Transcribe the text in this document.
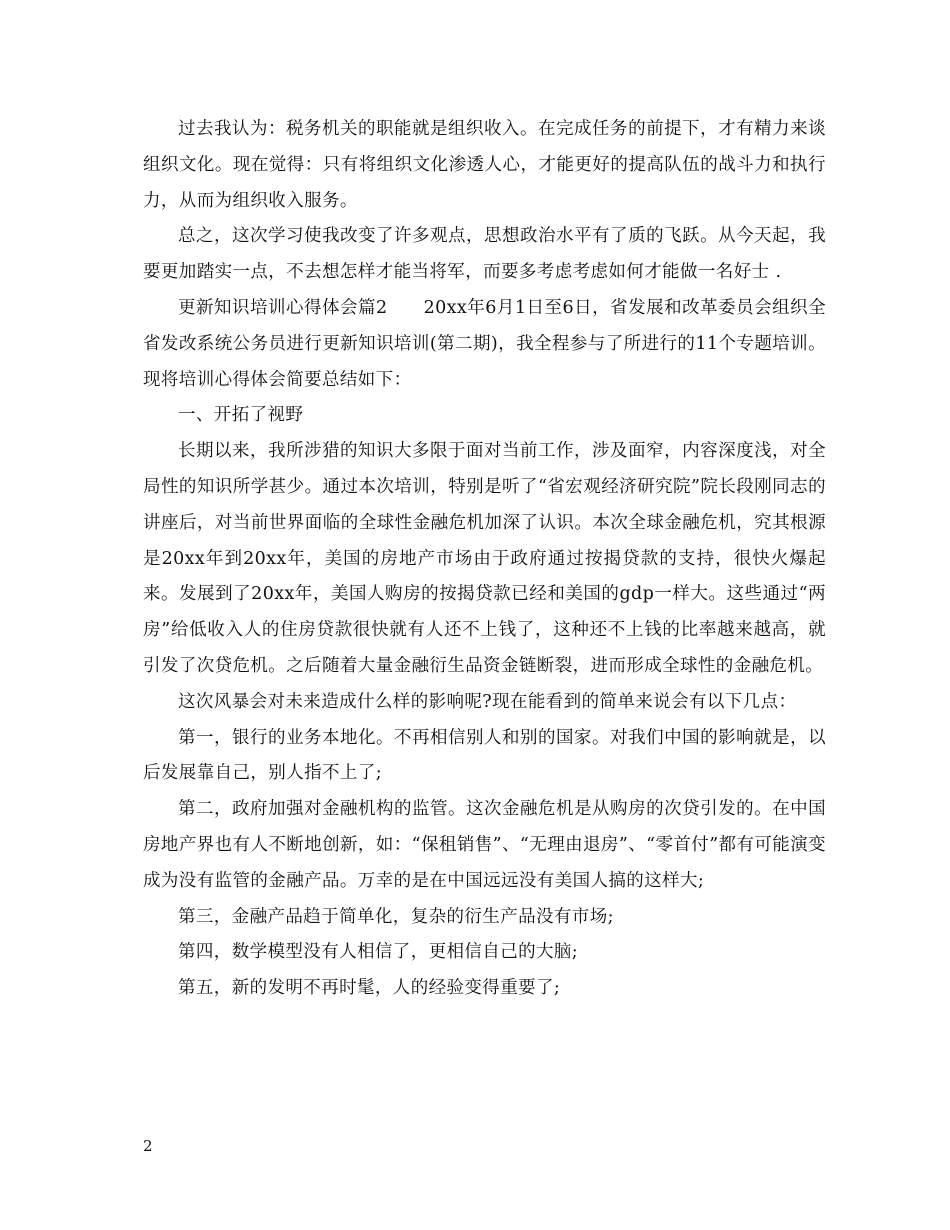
过去我认为：税务机关的职能就是组织收入。在完成任务的前提下，才有精力来谈组织文化。现在觉得：只有将组织文化渗透人心，才能更好的提高队伍的战斗力和执行力，从而为组织收入服务。

总之，这次学习使我改变了许多观点，思想政治水平有了质的飞跃。从今天起，我要更加踏实一点，不去想怎样才能当将军，而要多考虑考虑如何才能做一名好士 .

更新知识培训心得体会篇2　　20xx年6月1日至6日，省发展和改革委员会组织全省发改系统公务员进行更新知识培训(第二期)，我全程参与了所进行的11个专题培训。现将培训心得体会简要总结如下：

一、开拓了视野

长期以来，我所涉猎的知识大多限于面对当前工作，涉及面窄，内容深度浅，对全局性的知识所学甚少。通过本次培训，特别是听了“省宏观经济研究院”院长段刚同志的讲座后，对当前世界面临的全球性金融危机加深了认识。本次全球金融危机，究其根源是20xx年到20xx年，美国的房地产市场由于政府通过按揭贷款的支持，很快火爆起来。发展到了20xx年，美国人购房的按揭贷款已经和美国的gdp一样大。这些通过“两房”给低收入人的住房贷款很快就有人还不上钱了，这种还不上钱的比率越来越高，就引发了次贷危机。之后随着大量金融衍生品资金链断裂，进而形成全球性的金融危机。

这次风暴会对未来造成什么样的影响呢?现在能看到的简单来说会有以下几点：

第一，银行的业务本地化。不再相信别人和别的国家。对我们中国的影响就是，以后发展靠自己，别人指不上了;

第二，政府加强对金融机构的监管。这次金融危机是从购房的次贷引发的。在中国房地产界也有人不断地创新，如：“保租销售”、“无理由退房”、“零首付”都有可能演变成为没有监管的金融产品。万幸的是在中国远远没有美国人搞的这样大;

第三，金融产品趋于简单化，复杂的衍生产品没有市场;

第四，数学模型没有人相信了，更相信自己的大脑;

第五，新的发明不再时髦，人的经验变得重要了;

2
